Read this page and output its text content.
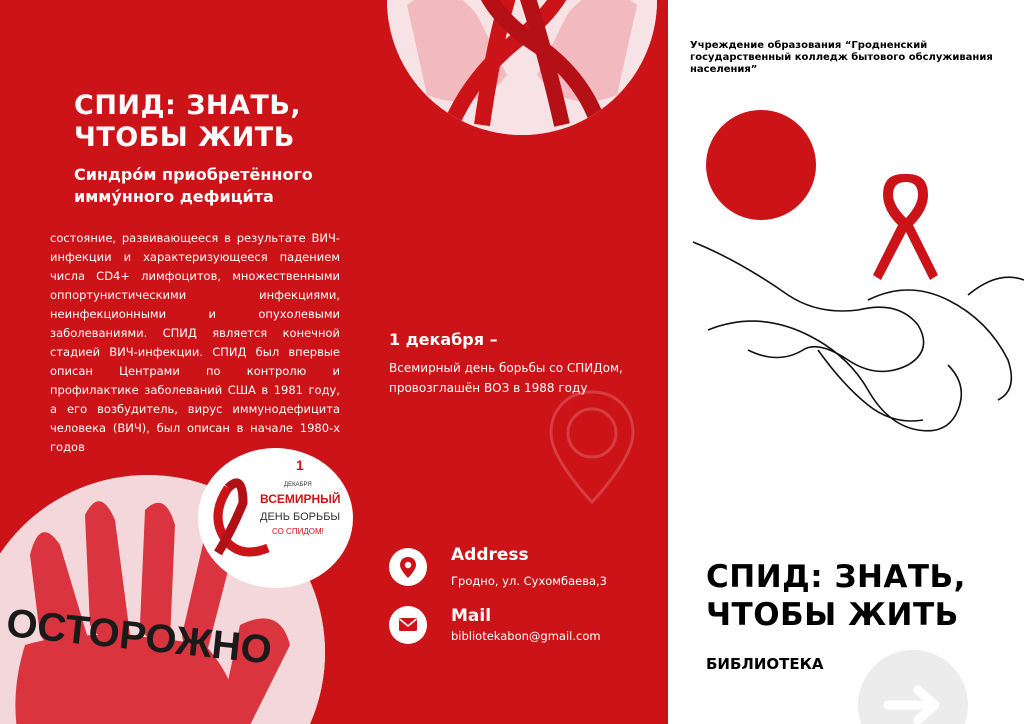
СПИД: ЗНАТЬ, ЧТОБЫ ЖИТЬ
Синдро́м приобретённого иммýнного дефици́та
состояние, развивающееся в результате ВИЧ-инфекции и характеризующееся падением числа CD4+ лимфоцитов, множественными оппортунистическими инфекциями, неинфекционными и опухолевыми заболеваниями. СПИД является конечной стадией ВИЧ-инфекции. СПИД был впервые описан Центрами по контролю и профилактике заболеваний США в 1981 году, а его возбудитель, вирус иммунодефицита человека (ВИЧ), был описан в начале 1980-х годов
ОСТОРОЖНО
1
ДЕКАБРЯ
ВСЕМИРНЫЙ
ДЕНЬ БОРЬБЫ
СО СПИДОМ!
1 декабря –
Всемирный день борьбы со СПИДом, провозглашён ВОЗ в 1988 году
Address
Гродно, ул. Сухомбаева,3
Mail
bibliotekabon@gmail.com
Учреждение образования “Гродненский государственный колледж бытового обслуживания населения”
СПИД: ЗНАТЬ, ЧТОБЫ ЖИТЬ
БИБЛИОТЕКА
